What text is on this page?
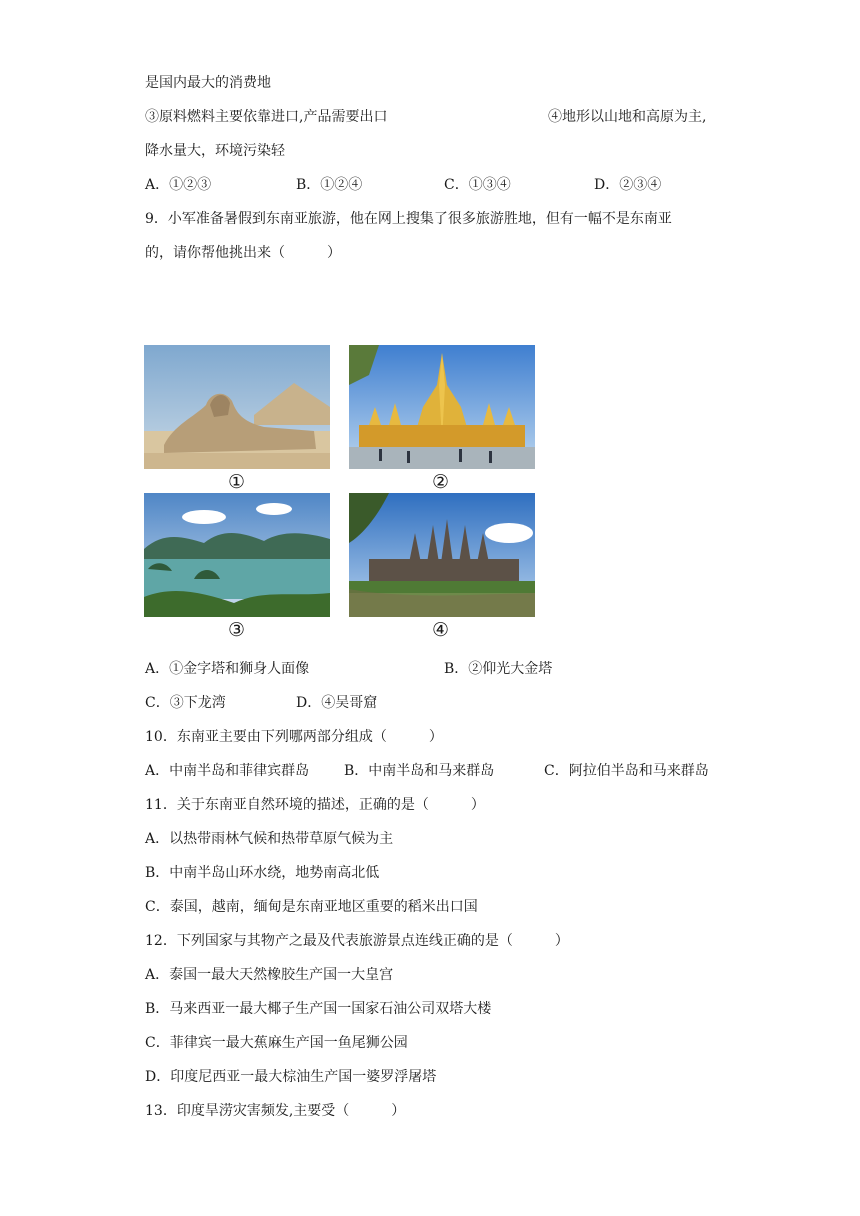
是国内最大的消费地
③原料燃料主要依靠进口,产品需要出口	④地形以山地和高原为主,
降水量大，环境污染轻
A．①②③	B．①②④	C．①③④	D．②③④
9．小军准备暑假到东南亚旅游，他在网上搜集了很多旅游胜地，但有一幅不是东南亚
的，请你帮他挑出来（　　　）
①	②
③	④
A．①金字塔和狮身人面像	B．②仰光大金塔
C．③下龙湾	D．④吴哥窟
10．东南亚主要由下列哪两部分组成（　　　）
A．中南半岛和菲律宾群岛 B．中南半岛和马来群岛	C．阿拉伯半岛和马来群岛
11．关于东南亚自然环境的描述，正确的是（　　　）
A．以热带雨林气候和热带草原气候为主
B．中南半岛山环水绕，地势南高北低
C．泰国，越南，缅甸是东南亚地区重要的稻米出口国
12．下列国家与其物产之最及代表旅游景点连线正确的是（　　　）
A．泰国一最大天然橡胶生产国一大皇宫
B．马来西亚一最大椰子生产国一国家石油公司双塔大楼
C．菲律宾一最大蕉麻生产国一鱼尾狮公园
D．印度尼西亚一最大棕油生产国一婆罗浮屠塔
13．印度旱涝灾害频发,主要受（　　　）
